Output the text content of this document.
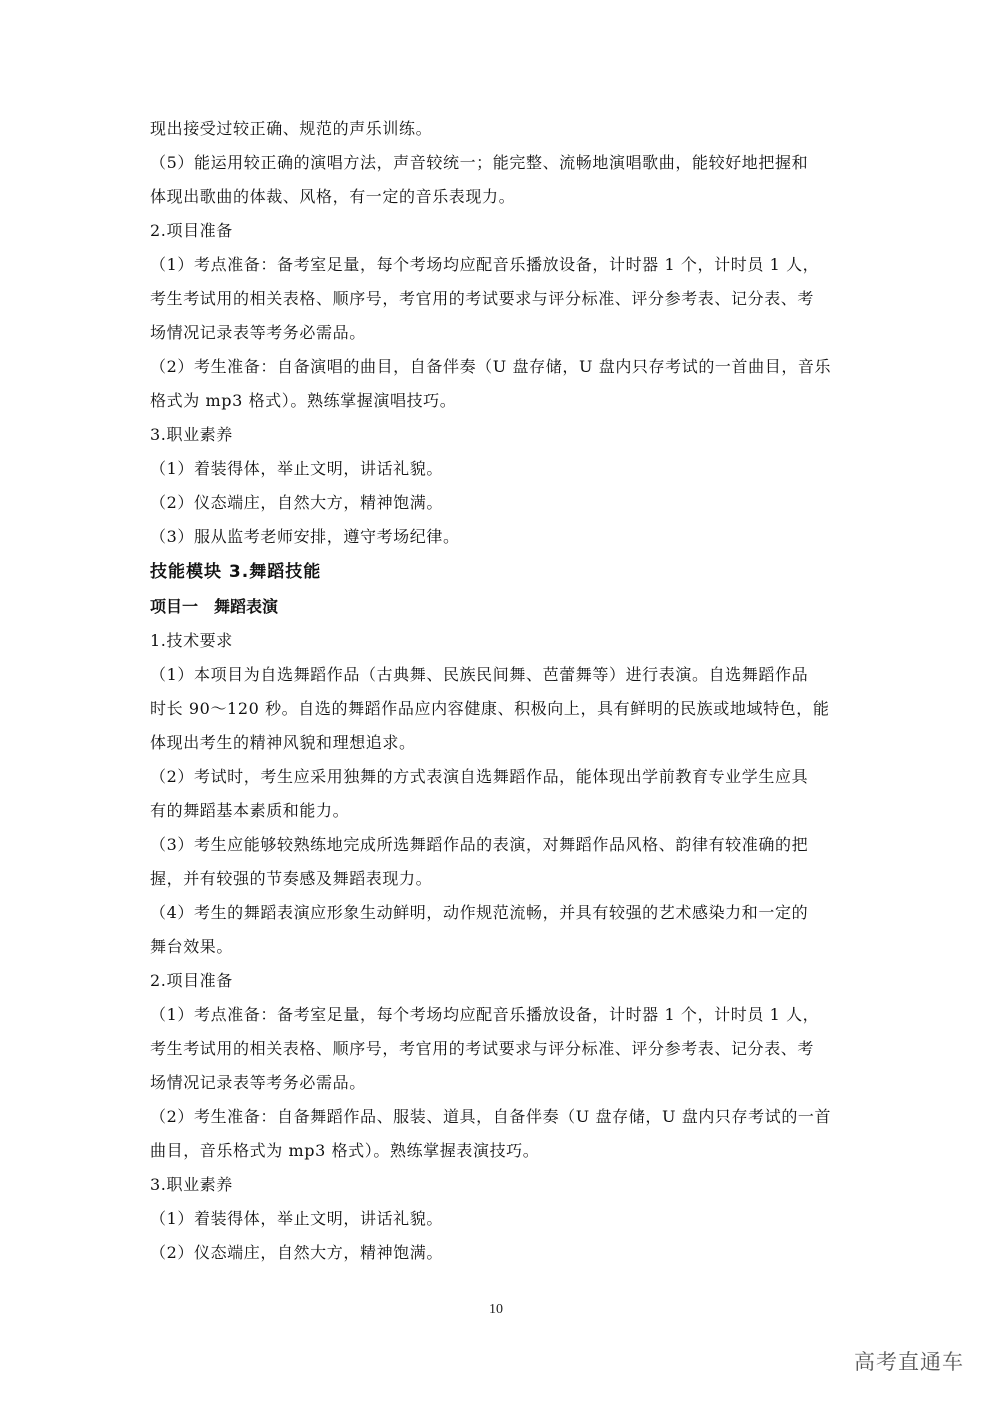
现出接受过较正确、规范的声乐训练。
（5）能运用较正确的演唱方法，声音较统一；能完整、流畅地演唱歌曲，能较好地把握和
体现出歌曲的体裁、风格，有一定的音乐表现力。
2.项目准备
（1）考点准备：备考室足量，每个考场均应配音乐播放设备，计时器 1 个，计时员 1 人，
考生考试用的相关表格、顺序号，考官用的考试要求与评分标准、评分参考表、记分表、考
场情况记录表等考务必需品。
（2）考生准备：自备演唱的曲目，自备伴奏（U 盘存储，U 盘内只存考试的一首曲目，音乐
格式为 mp3 格式）。熟练掌握演唱技巧。
3.职业素养
（1）着装得体，举止文明，讲话礼貌。
（2）仪态端庄，自然大方，精神饱满。
（3）服从监考老师安排，遵守考场纪律。
技能模块 3.舞蹈技能
项目一　舞蹈表演
1.技术要求
（1）本项目为自选舞蹈作品（古典舞、民族民间舞、芭蕾舞等）进行表演。自选舞蹈作品
时长 90～120 秒。自选的舞蹈作品应内容健康、积极向上，具有鲜明的民族或地域特色，能
体现出考生的精神风貌和理想追求。
（2）考试时，考生应采用独舞的方式表演自选舞蹈作品，能体现出学前教育专业学生应具
有的舞蹈基本素质和能力。
（3）考生应能够较熟练地完成所选舞蹈作品的表演，对舞蹈作品风格、韵律有较准确的把
握，并有较强的节奏感及舞蹈表现力。
（4）考生的舞蹈表演应形象生动鲜明，动作规范流畅，并具有较强的艺术感染力和一定的
舞台效果。
2.项目准备
（1）考点准备：备考室足量，每个考场均应配音乐播放设备，计时器 1 个，计时员 1 人，
考生考试用的相关表格、顺序号，考官用的考试要求与评分标准、评分参考表、记分表、考
场情况记录表等考务必需品。
（2）考生准备：自备舞蹈作品、服装、道具，自备伴奏（U 盘存储，U 盘内只存考试的一首
曲目，音乐格式为 mp3 格式）。熟练掌握表演技巧。
3.职业素养
（1）着装得体，举止文明，讲话礼貌。
（2）仪态端庄，自然大方，精神饱满。
10
高考直通车
